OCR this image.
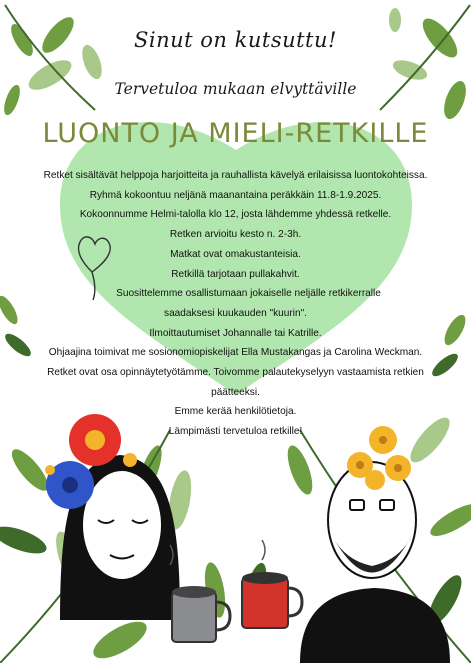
Sinut on kutsuttu!
Tervetuloa mukaan elvyttäville
LUONTO JA MIELI-RETKILLE
Retket sisältävät helppoja harjoitteita ja rauhallista kävelyä erilaisissa luontokohteissa.
Ryhmä kokoontuu neljänä maanantaina peräkkäin 11.8-1.9.2025.
Kokoonnumme Helmi-talolla klo 12, josta lähdemme yhdessä retkelle.
Retken arvioitu kesto n. 2-3h.
Matkat ovat omakustanteisia.
Retkillä tarjotaan pullakahvit.
Suosittelemme osallistumaan jokaiselle neljälle retkikerralle
saadaksesi kuukauden "kuurin".
Ilmoittautumiset Johannalle tai Katrille.
Ohjaajina toimivat me sosionomiopiskelijat Ella Mustakangas ja Carolina Weckman.
Retket ovat osa opinnäytetyötämme. Toivomme palautekyselyyn vastaamista retkien
päätteeksi.
Emme kerää henkilötietoja.
Lämpimästi tervetuloa retkille!
